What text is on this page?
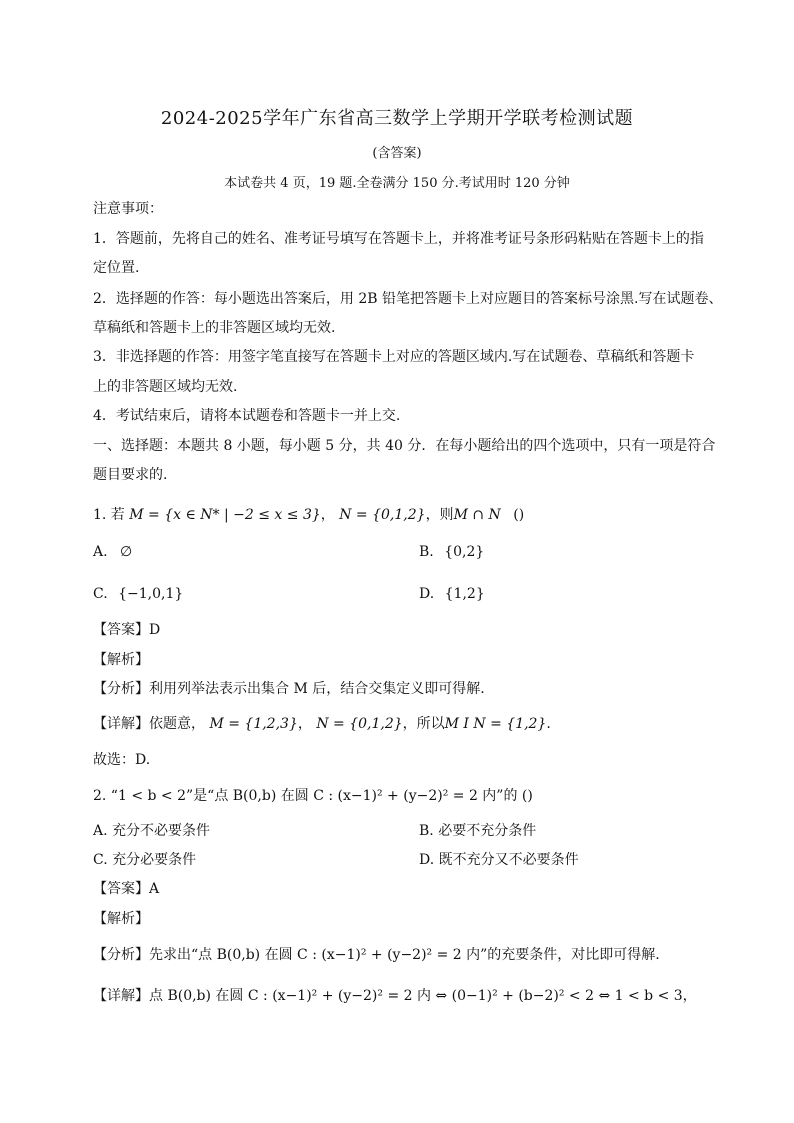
2024-2025学年广东省高三数学上学期开学联考检测试题
(含答案)
本试卷共 4 页，19 题.全卷满分 150 分.考试用时 120 分钟
注意事项：
1．答题前，先将自己的姓名、准考证号填写在答题卡上，并将准考证号条形码粘贴在答题卡上的指
定位置.
2．选择题的作答：每小题选出答案后，用 2B 铅笔把答题卡上对应题目的答案标号涂黑.写在试题卷、
草稿纸和答题卡上的非答题区域均无效.
3．非选择题的作答：用签字笔直接写在答题卡上对应的答题区域内.写在试题卷、草稿纸和答题卡
上的非答题区域均无效.
4．考试结束后，请将本试题卷和答题卡一并上交.
一、选择题：本题共 8 小题，每小题 5 分，共 40 分．在每小题给出的四个选项中，只有一项是符合
题目要求的.
1. 若 M = {x ∈ N* | −2 ≤ x ≤ 3}， N = {0,1,2}，则M ∩ N ()
A. ∅	B. {0,2}
C. {−1,0,1}	D. {1,2}
【答案】D
【解析】
【分析】利用列举法表示出集合 M 后，结合交集定义即可得解.
【详解】依题意， M = {1,2,3}， N = {0,1,2}，所以M I N = {1,2}.
故选：D.
2. “1 < b < 2”是“点 B(0,b) 在圆 C : (x−1)² + (y−2)² = 2 内”的 ()
A. 充分不必要条件	B. 必要不充分条件
C. 充分必要条件	D. 既不充分又不必要条件
【答案】A
【解析】
【分析】先求出“点 B(0,b) 在圆 C : (x−1)² + (y−2)² = 2 内”的充要条件，对比即可得解.
【详解】点 B(0,b) 在圆 C : (x−1)² + (y−2)² = 2 内 ⇔ (0−1)² + (b−2)² < 2 ⇔ 1 < b < 3，
